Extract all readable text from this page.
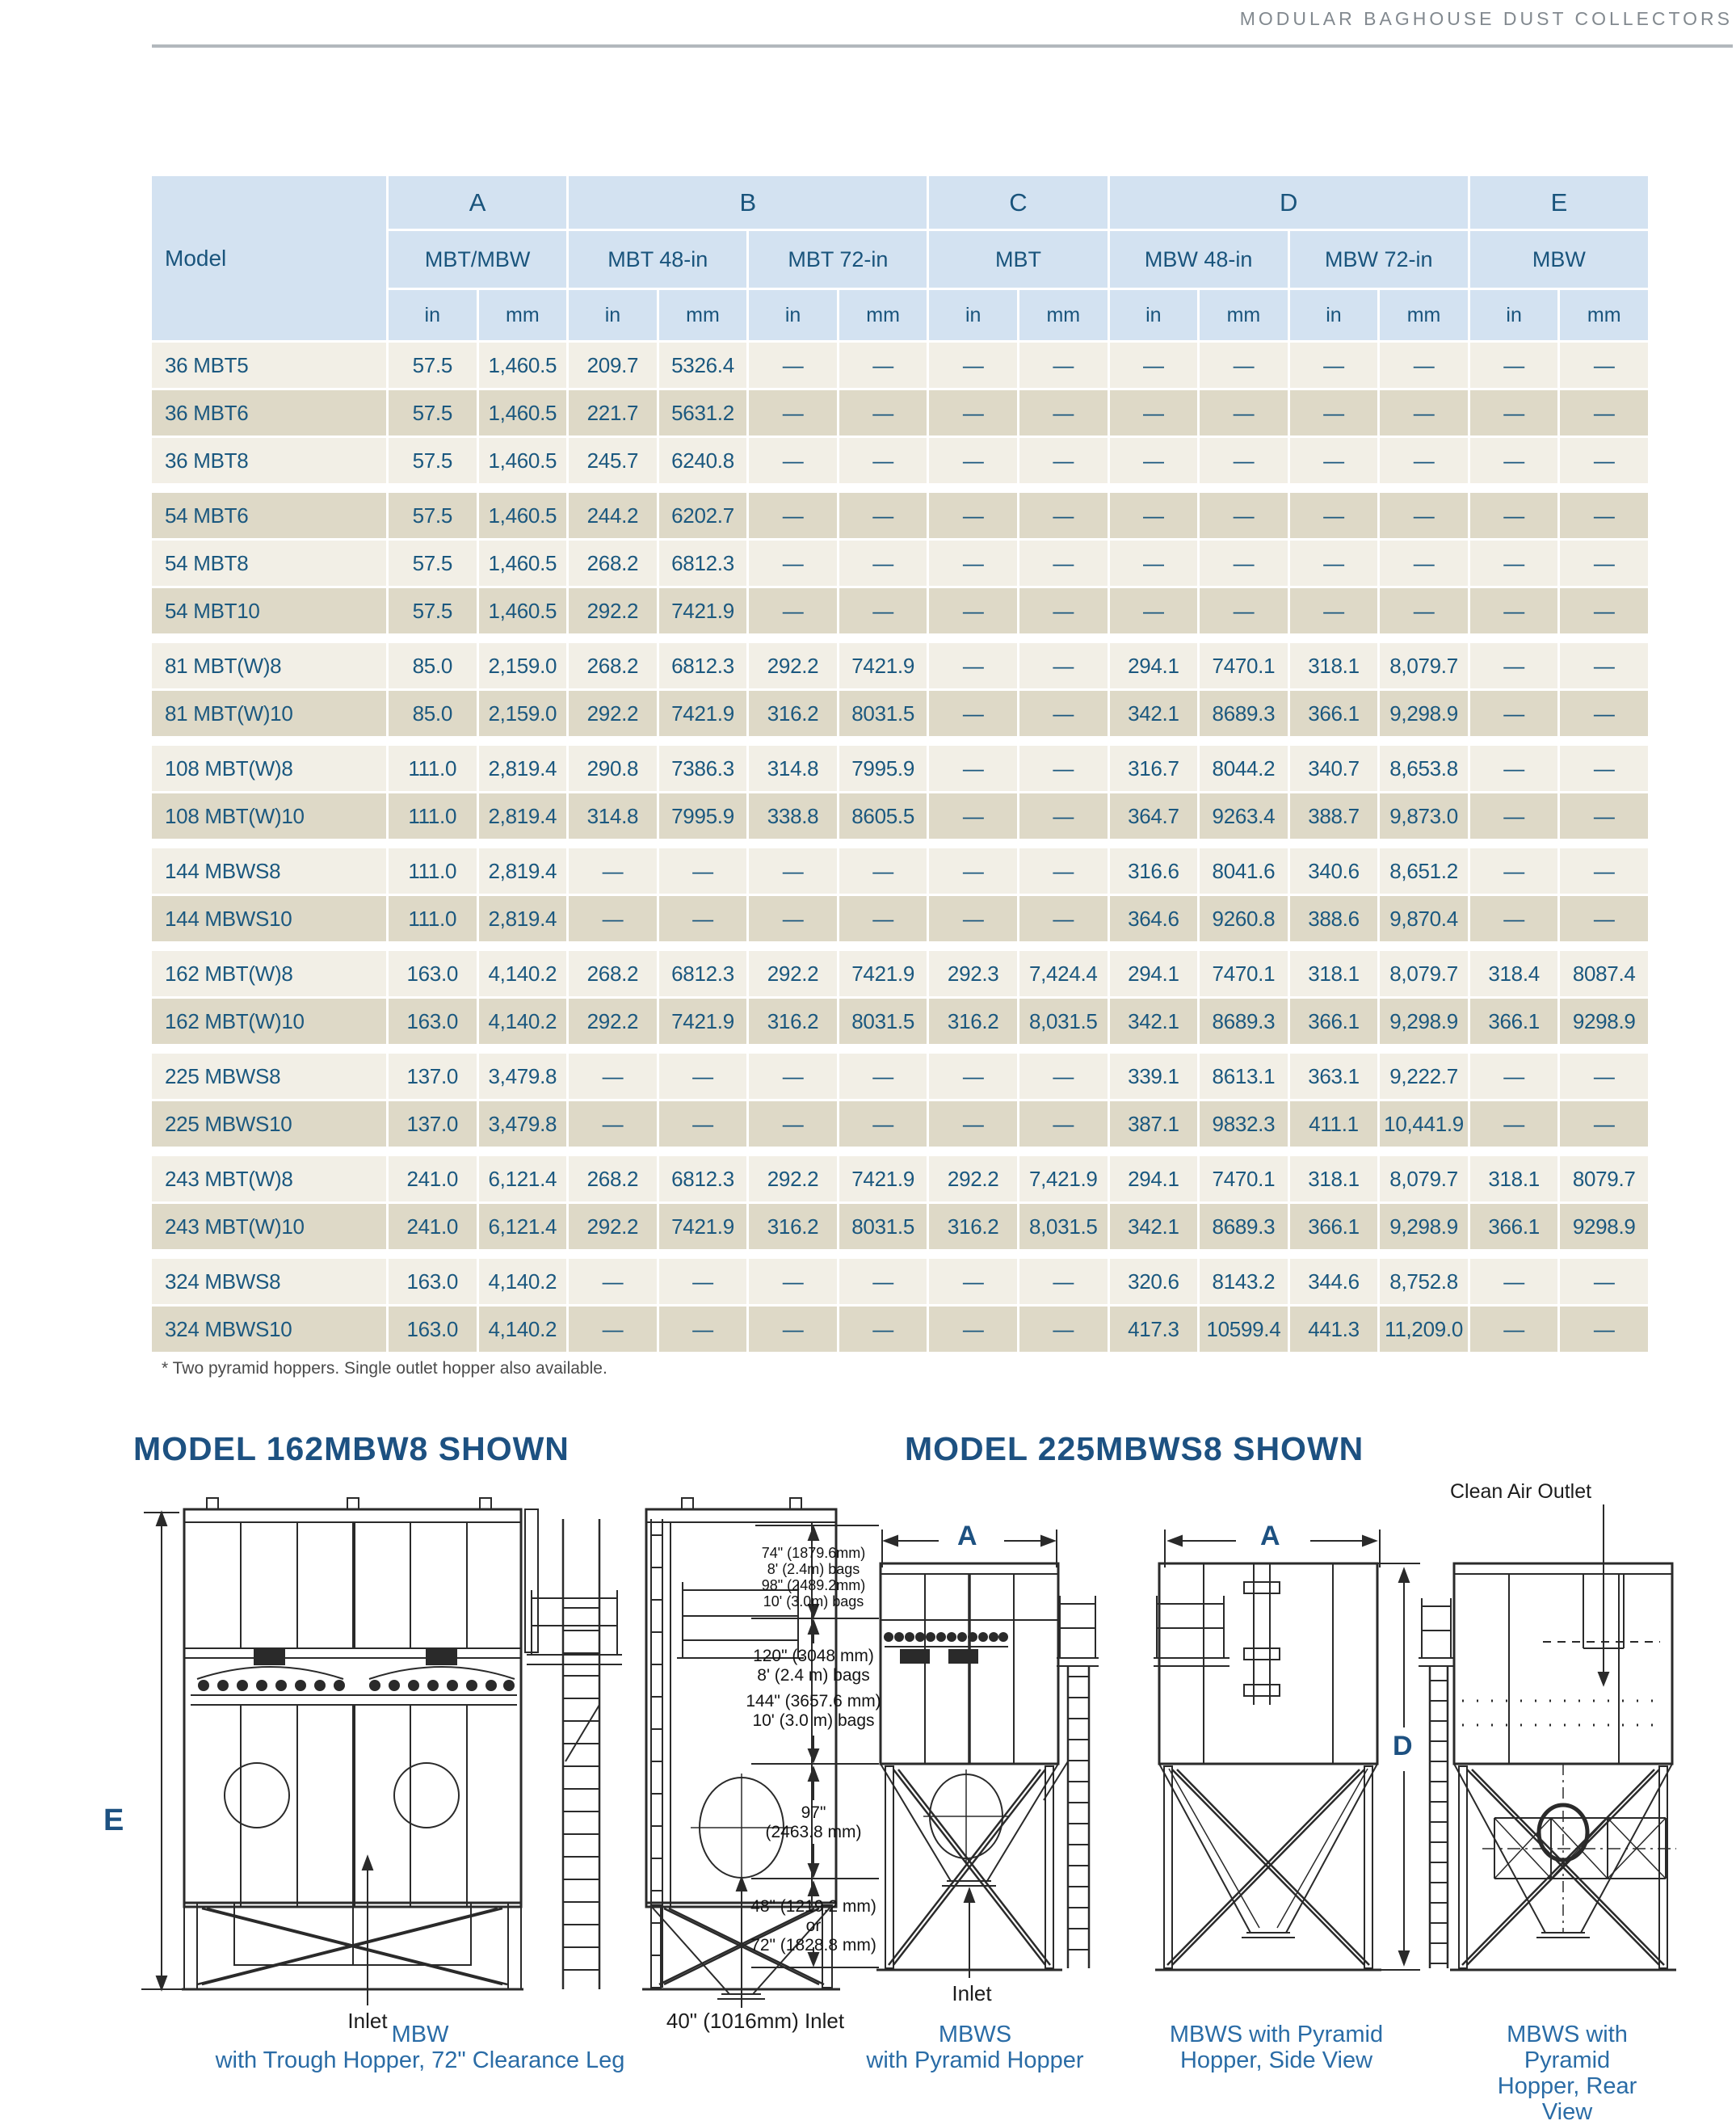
MODULAR BAGHOUSE DUST COLLECTORS
Model
A	B	C	D	E
MBT/MBW	MBT 48-in	MBT 72-in	MBT	MBW 48-in	MBW 72-in	MBW
in	mm	in	mm	in	mm	in	mm	in	mm	in	mm	in	mm
36 MBT5	57.5	1,460.5	209.7	5326.4	—	—	—	—	—	—	—	—	—	—
36 MBT6	57.5	1,460.5	221.7	5631.2	—	—	—	—	—	—	—	—	—	—
36 MBT8	57.5	1,460.5	245.7	6240.8	—	—	—	—	—	—	—	—	—	—
54 MBT6	57.5	1,460.5	244.2	6202.7	—	—	—	—	—	—	—	—	—	—
54 MBT8	57.5	1,460.5	268.2	6812.3	—	—	—	—	—	—	—	—	—	—
54 MBT10	57.5	1,460.5	292.2	7421.9	—	—	—	—	—	—	—	—	—	—
81 MBT(W)8	85.0	2,159.0	268.2	6812.3	292.2	7421.9	—	—	294.1	7470.1	318.1	8,079.7	—	—
81 MBT(W)10	85.0	2,159.0	292.2	7421.9	316.2	8031.5	—	—	342.1	8689.3	366.1	9,298.9	—	—
108 MBT(W)8	111.0	2,819.4	290.8	7386.3	314.8	7995.9	—	—	316.7	8044.2	340.7	8,653.8	—	—
108 MBT(W)10	111.0	2,819.4	314.8	7995.9	338.8	8605.5	—	—	364.7	9263.4	388.7	9,873.0	—	—
144 MBWS8	111.0	2,819.4	—	—	—	—	—	—	316.6	8041.6	340.6	8,651.2	—	—
144 MBWS10	111.0	2,819.4	—	—	—	—	—	—	364.6	9260.8	388.6	9,870.4	—	—
162 MBT(W)8	163.0	4,140.2	268.2	6812.3	292.2	7421.9	292.3	7,424.4	294.1	7470.1	318.1	8,079.7	318.4	8087.4
162 MBT(W)10	163.0	4,140.2	292.2	7421.9	316.2	8031.5	316.2	8,031.5	342.1	8689.3	366.1	9,298.9	366.1	9298.9
225 MBWS8	137.0	3,479.8	—	—	—	—	—	—	339.1	8613.1	363.1	9,222.7	—	—
225 MBWS10	137.0	3,479.8	—	—	—	—	—	—	387.1	9832.3	411.1	10,441.9	—	—
243 MBT(W)8	241.0	6,121.4	268.2	6812.3	292.2	7421.9	292.2	7,421.9	294.1	7470.1	318.1	8,079.7	318.1	8079.7
243 MBT(W)10	241.0	6,121.4	292.2	7421.9	316.2	8031.5	316.2	8,031.5	342.1	8689.3	366.1	9,298.9	366.1	9298.9
324 MBWS8	163.0	4,140.2	—	—	—	—	—	—	320.6	8143.2	344.6	8,752.8	—	—
324 MBWS10	163.0	4,140.2	—	—	—	—	—	—	417.3	10599.4	441.3	11,209.0	—	—
* Two pyramid hoppers. Single outlet hopper also available.
MODEL 162MBW8 SHOWN	MODEL 225MBWS8 SHOWN
E
A	A
D
Clean Air Outlet
74" (1879.6mm)
8' (2.4m) bags
98" (2489.2mm)
10' (3.0m) bags
120" (3048 mm)
8' (2.4 m) bags
144" (3657.6 mm)
10' (3.0 m) bags
97"
(2463.8 mm)
48" (1219.2 mm)
or
72" (1828.8 mm)
Inlet	40" (1016mm) Inlet
Inlet
MBW
with Trough Hopper, 72" Clearance Leg
MBWS
with Pyramid Hopper
MBWS with Pyramid
Hopper, Side View
MBWS with Pyramid
Hopper, Rear View
